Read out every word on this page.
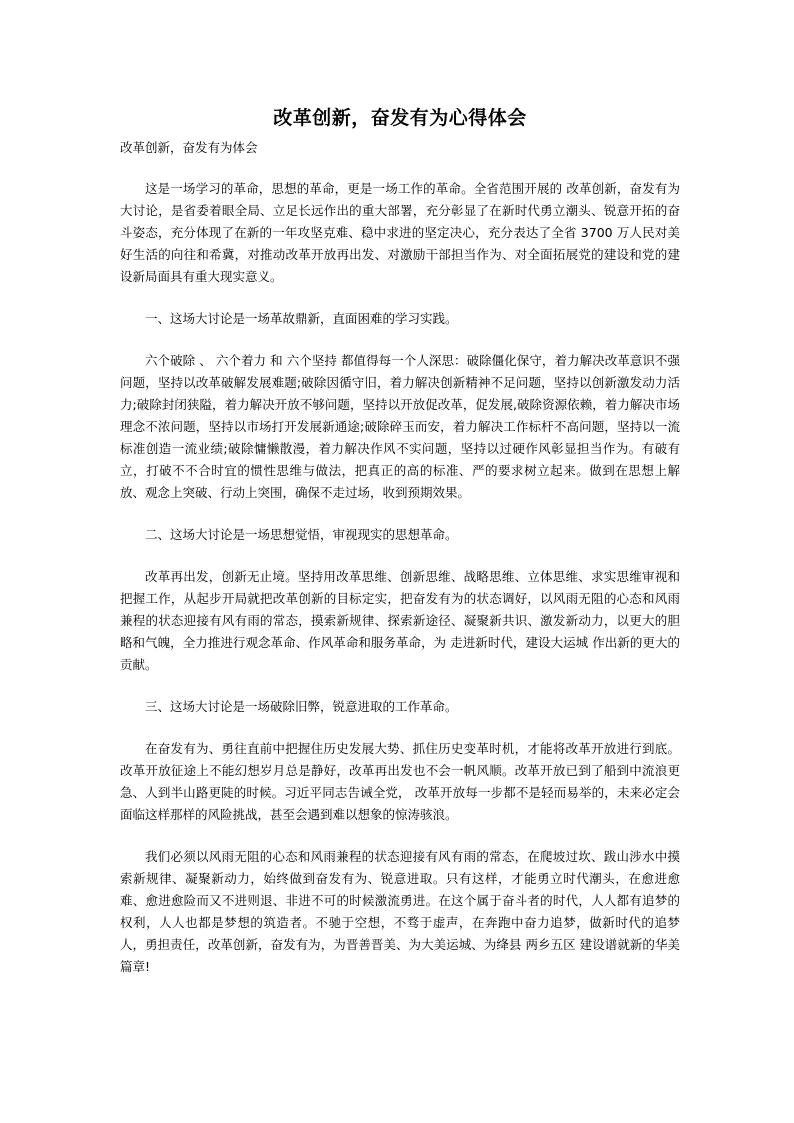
改革创新，奋发有为心得体会

改革创新，奋发有为体会

这是一场学习的革命，思想的革命，更是一场工作的革命。全省范围开展的 改革创新，奋发有为 大讨论，是省委着眼全局、立足长远作出的重大部署，充分彰显了在新时代勇立潮头、锐意开拓的奋斗姿态，充分体现了在新的一年攻坚克难、稳中求进的坚定决心，充分表达了全省 3700 万人民对美好生活的向往和希冀，对推动改革开放再出发、对激励干部担当作为、对全面拓展党的建设和党的建设新局面具有重大现实意义。

一、这场大讨论是一场革故鼎新，直面困难的学习实践。

六个破除 、 六个着力 和 六个坚持 都值得每一个人深思：破除僵化保守，着力解决改革意识不强问题，坚持以改革破解发展难题;破除因循守旧，着力解决创新精神不足问题，坚持以创新激发动力活力;破除封闭狭隘，着力解决开放不够问题，坚持以开放促改革，促发展,破除资源依赖，着力解决市场理念不浓问题，坚持以市场打开发展新通途;破除碎玉而安，着力解决工作标杆不高问题，坚持以一流标准创造一流业绩;破除慵懒散漫，着力解决作风不实问题，坚持以过硬作风彰显担当作为。有破有立，打破不不合时宜的惯性思维与做法，把真正的高的标准、严的要求树立起来。做到在思想上解放、观念上突破、行动上突围，确保不走过场，收到预期效果。

二、这场大讨论是一场思想觉悟，审视现实的思想革命。

改革再出发，创新无止境。坚持用改革思维、创新思维、战略思维、立体思维、求实思维审视和把握工作，从起步开局就把改革创新的目标定实，把奋发有为的状态调好，以风雨无阻的心态和风雨兼程的状态迎接有风有雨的常态，摸索新规律、探索新途径、凝聚新共识、激发新动力，以更大的胆略和气魄，全力推进行观念革命、作风革命和服务革命，为 走进新时代，建设大运城 作出新的更大的贡献。

三、这场大讨论是一场破除旧弊，锐意进取的工作革命。

在奋发有为、勇往直前中把握住历史发展大势、抓住历史变革时机，才能将改革开放进行到底。改革开放征途上不能幻想岁月总是静好，改革再出发也不会一帆风顺。改革开放已到了船到中流浪更急、人到半山路更陡的时候。习近平同志告诫全党， 改革开放每一步都不是轻而易举的，未来必定会面临这样那样的风险挑战，甚至会遇到难以想象的惊涛骇浪。

我们必须以风雨无阻的心态和风雨兼程的状态迎接有风有雨的常态，在爬坡过坎、跋山涉水中摸索新规律、凝聚新动力，始终做到奋发有为、锐意进取。只有这样，才能勇立时代潮头，在愈进愈难、愈进愈险而又不进则退、非进不可的时候激流勇进。在这个属于奋斗者的时代，人人都有追梦的权利，人人也都是梦想的筑造者。不驰于空想，不骛于虚声，在奔跑中奋力追梦，做新时代的追梦人，勇担责任，改革创新，奋发有为，为晋善晋美、为大美运城、为绛县 两乡五区 建设谱就新的华美篇章!
